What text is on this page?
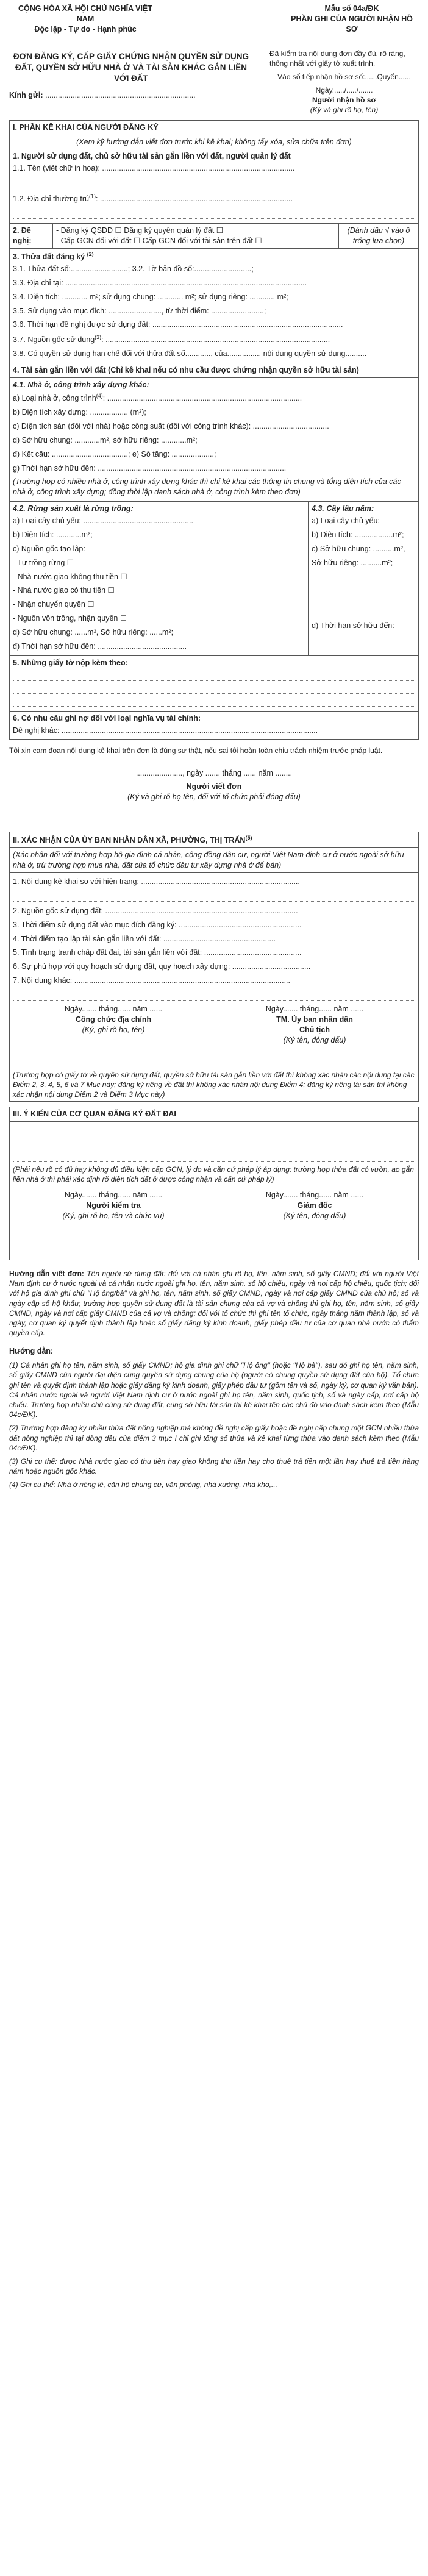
CỘNG HÒA XÃ HỘI CHỦ NGHĨA VIỆT NAM
Độc lập - Tự do - Hạnh phúc
---------------
Mẫu số 04a/ĐK
PHẦN GHI CỦA NGƯỜI NHẬN HỒ SƠ
ĐƠN ĐĂNG KÝ, CẤP GIẤY CHỨNG NHẬN QUYỀN SỬ DỤNG ĐẤT, QUYỀN SỞ HỮU NHÀ Ở VÀ TÀI SẢN KHÁC GẮN LIỀN VỚI ĐẤT
Kính gửi: .......................................................................
Đã kiểm tra nội dung đơn đầy đủ, rõ ràng, thống nhất với giấy tờ xuất trình.
Vào sổ tiếp nhận hồ sơ số:......Quyển......
Ngày....../...../.......
Người nhận hồ sơ
(Ký và ghi rõ họ, tên)
I. PHẦN KÊ KHAI CỦA NGƯỜI ĐĂNG KÝ
(Xem kỹ hướng dẫn viết đơn trước khi kê khai; không tẩy xóa, sửa chữa trên đơn)
1. Người sử dụng đất, chủ sở hữu tài sản gắn liền với đất, người quản lý đất
1.1. Tên (viết chữ in hoa): ...........................................................................................
1.2. Địa chỉ thường trú$^{(1)}$: ...........................................................................................
2. Đề nghị:
- Đăng ký QSDĐ ☐ Đăng ký quyền quản lý đất ☐
- Cấp GCN đối với đất ☐ Cấp GCN đối với tài sản trên đất ☐
(Đánh dấu √ vào ô trống lựa chọn)
3. Thửa đất đăng ký $^{(2)}$
3.1. Thửa đất số:...........................; 3.2. Tờ bản đồ số:...........................;
3.3. Địa chỉ tại: ..................................................................................................................
3.4. Diện tích: ............ m²; sử dụng chung: ............ m²; sử dụng riêng: ............ m²;
3.5. Sử dụng vào mục đích: ........................., từ thời điểm: .........................;
3.6. Thời hạn đề nghị được sử dụng đất: ..........................................................................................
3.7. Nguồn gốc sử dụng$^{(3)}$: ..........................................................................................................
3.8. Có quyền sử dụng hạn chế đối với thửa đất số............, của..............., nội dung quyền sử dụng..........
4. Tài sản gắn liền với đất (Chỉ kê khai nếu có nhu cầu được chứng nhận quyền sở hữu tài sản)
4.1. Nhà ở, công trình xây dựng khác:
a) Loại nhà ở, công trình$^{(4)}$: ............................................................................................
b) Diện tích xây dựng: .................. (m²);
c) Diện tích sàn (đối với nhà) hoặc công suất (đối với công trình khác): ....................................
d) Sở hữu chung: ............m², sở hữu riêng: ............m²;
đ) Kết cấu: ....................................; e) Số tầng: ....................;
g) Thời hạn sở hữu đến: .........................................................................................
(Trường hợp có nhiều nhà ở, công trình xây dựng khác thì chỉ kê khai các thông tin chung và tổng diện tích của các nhà ở, công trình xây dựng; đồng thời lập danh sách nhà ở, công trình kèm theo đơn)
4.2. Rừng sản xuất là rừng trồng:
a) Loại cây chủ yếu: ....................................................
b) Diện tích: ............m²;
c) Nguồn gốc tạo lập:
- Tự trồng rừng ☐
- Nhà nước giao không thu tiền ☐
- Nhà nước giao có thu tiền ☐
- Nhận chuyển quyền ☐
- Nguồn vốn trồng, nhận quyền ☐
d) Sở hữu chung: ......m², Sở hữu riêng: ......m²;
đ) Thời hạn sở hữu đến: ..........................................
4.3. Cây lâu năm:
a) Loại cây chủ yếu:
b) Diện tích: ..................m²;
c) Sở hữu chung: ..........m²,
Sở hữu riêng: ..........m²;
d) Thời hạn sở hữu đến:
5. Những giấy tờ nộp kèm theo:
6. Có nhu cầu ghi nợ đối với loại nghĩa vụ tài chính:
Đề nghị khác: .........................................................................................................................
Tôi xin cam đoan nội dung kê khai trên đơn là đúng sự thật, nếu sai tôi hoàn toàn chịu trách nhiệm trước pháp luật.
......................, ngày ....... tháng ...... năm ........
Người viết đơn
(Ký và ghi rõ họ tên, đối với tổ chức phải đóng dấu)
II. XÁC NHẬN CỦA ỦY BAN NHÂN DÂN XÃ, PHƯỜNG, THỊ TRẤN$^{(5)}$
(Xác nhận đối với trường hợp hộ gia đình cá nhân, cộng đồng dân cư, người Việt Nam định cư ở nước ngoài sở hữu nhà ở, trừ trường hợp mua nhà, đất của tổ chức đầu tư xây dựng nhà ở để bán)
1. Nội dung kê khai so với hiện trạng: ...........................................................................
2. Nguồn gốc sử dụng đất: ...........................................................................................
3. Thời điểm sử dụng đất vào mục đích đăng ký: ..........................................................
4. Thời điểm tạo lập tài sản gắn liền với đất: .....................................................
5. Tình trạng tranh chấp đất đai, tài sản gắn liền với đất: ..............................................
6. Sự phù hợp với quy hoạch sử dụng đất, quy hoạch xây dựng: .....................................
7. Nội dung khác: ......................................................................................................
Ngày....... tháng...... năm ......
Công chức địa chính
(Ký, ghi rõ họ, tên)
Ngày....... tháng...... năm ......
TM. Ủy ban nhân dân
Chủ tịch
(Ký tên, đóng dấu)
(Trường hợp có giấy tờ về quyền sử dụng đất, quyền sở hữu tài sản gắn liền với đất thì không xác nhận các nội dung tại các Điểm 2, 3, 4, 5, 6 và 7 Mục này; đăng ký riêng về đất thì không xác nhận nội dung Điểm 4; đăng ký riêng tài sản thì không xác nhận nội dung Điểm 2 và Điểm 3 Mục này)
III. Ý KIẾN CỦA CƠ QUAN ĐĂNG KÝ ĐẤT ĐAI
(Phải nêu rõ có đủ hay không đủ điều kiện cấp GCN, lý do và căn cứ pháp lý áp dụng; trường hợp thửa đất có vườn, ao gắn liền nhà ở thì phải xác định rõ diện tích đất ở được công nhận và căn cứ pháp lý)
Ngày....... tháng...... năm ......
Người kiểm tra
(Ký, ghi rõ họ, tên và chức vụ)
Ngày....... tháng...... năm ......
Giám đốc
(Ký tên, đóng dấu)
Hướng dẫn viết đơn: Tên người sử dụng đất: đối với cá nhân ghi rõ họ, tên, năm sinh, số giấy CMND; đối với người Việt Nam định cư ở nước ngoài và cá nhân nước ngoài ghi họ, tên, năm sinh, số hộ chiếu, ngày và nơi cấp hộ chiếu, quốc tịch; đối với hộ gia đình ghi chữ "Hộ ông/bà" và ghi họ, tên, năm sinh, số giấy CMND, ngày và nơi cấp giấy CMND của chủ hộ; số và ngày cấp sổ hộ khẩu; trường hợp quyền sử dụng đất là tài sản chung của cả vợ và chồng thì ghi họ, tên, năm sinh, số giấy CMND, ngày và nơi cấp giấy CMND của cả vợ và chồng; đối với tổ chức thì ghi tên tổ chức, ngày tháng năm thành lập, số và ngày, cơ quan ký quyết định thành lập hoặc số giấy đăng ký kinh doanh, giấy phép đầu tư của cơ quan nhà nước có thẩm quyền cấp.
Hướng dẫn:
(1) Cá nhân ghi họ tên, năm sinh, số giấy CMND; hộ gia đình ghi chữ "Hộ ông" (hoặc "Hộ bà"), sau đó ghi họ tên, năm sinh, số giấy CMND của người đại diện cùng quyền sử dụng chung của hộ (người có chung quyền sử dụng đất của hộ). Tổ chức ghi tên và quyết định thành lập hoặc giấy đăng ký kinh doanh, giấy phép đầu tư (gồm tên và số, ngày ký, cơ quan ký văn bản). Cá nhân nước ngoài và người Việt Nam định cư ở nước ngoài ghi họ tên, năm sinh, quốc tịch, số và ngày cấp, nơi cấp hộ chiếu. Trường hợp nhiều chủ cùng sử dụng đất, cùng sở hữu tài sản thì kê khai tên các chủ đó vào danh sách kèm theo (Mẫu 04c/ĐK).
(2) Trường hợp đăng ký nhiều thửa đất nông nghiệp mà không đề nghị cấp giấy hoặc đề nghị cấp chung một GCN nhiều thửa đất nông nghiệp thì tại dòng đầu của điểm 3 mục I chỉ ghi tổng số thửa và kê khai từng thửa vào danh sách kèm theo (Mẫu 04c/ĐK).
(3) Ghi cụ thể: được Nhà nước giao có thu tiền hay giao không thu tiền hay cho thuê trả tiền một lần hay thuê trả tiền hàng năm hoặc nguồn gốc khác.
(4) Ghi cụ thể: Nhà ở riêng lẻ, căn hộ chung cư, văn phòng, nhà xưởng, nhà kho,...
